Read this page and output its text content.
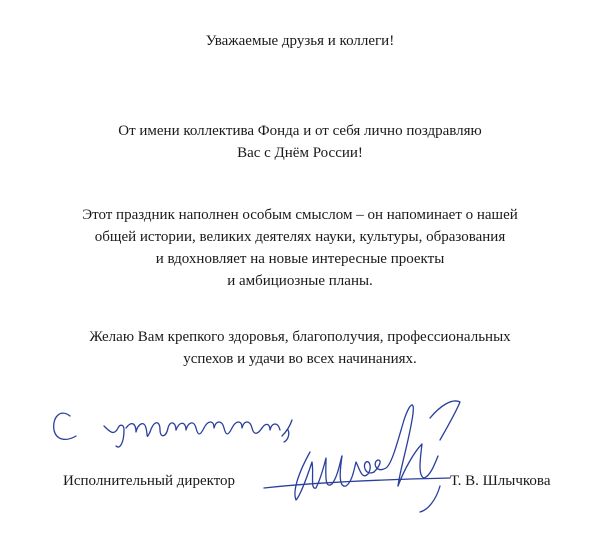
Уважаемые друзья и коллеги!
От имени коллектива Фонда и от себя лично поздравляю
Вас с Днём России!
Этот праздник наполнен особым смыслом – он напоминает о нашей
общей истории, великих деятелях науки, культуры, образования
и вдохновляет на новые интересные проекты
и амбициозные планы.
Желаю Вам крепкого здоровья, благополучия, профессиональных
успехов и удачи во всех начинаниях.
Исполнительный директор	Т. В. Шлычкова
